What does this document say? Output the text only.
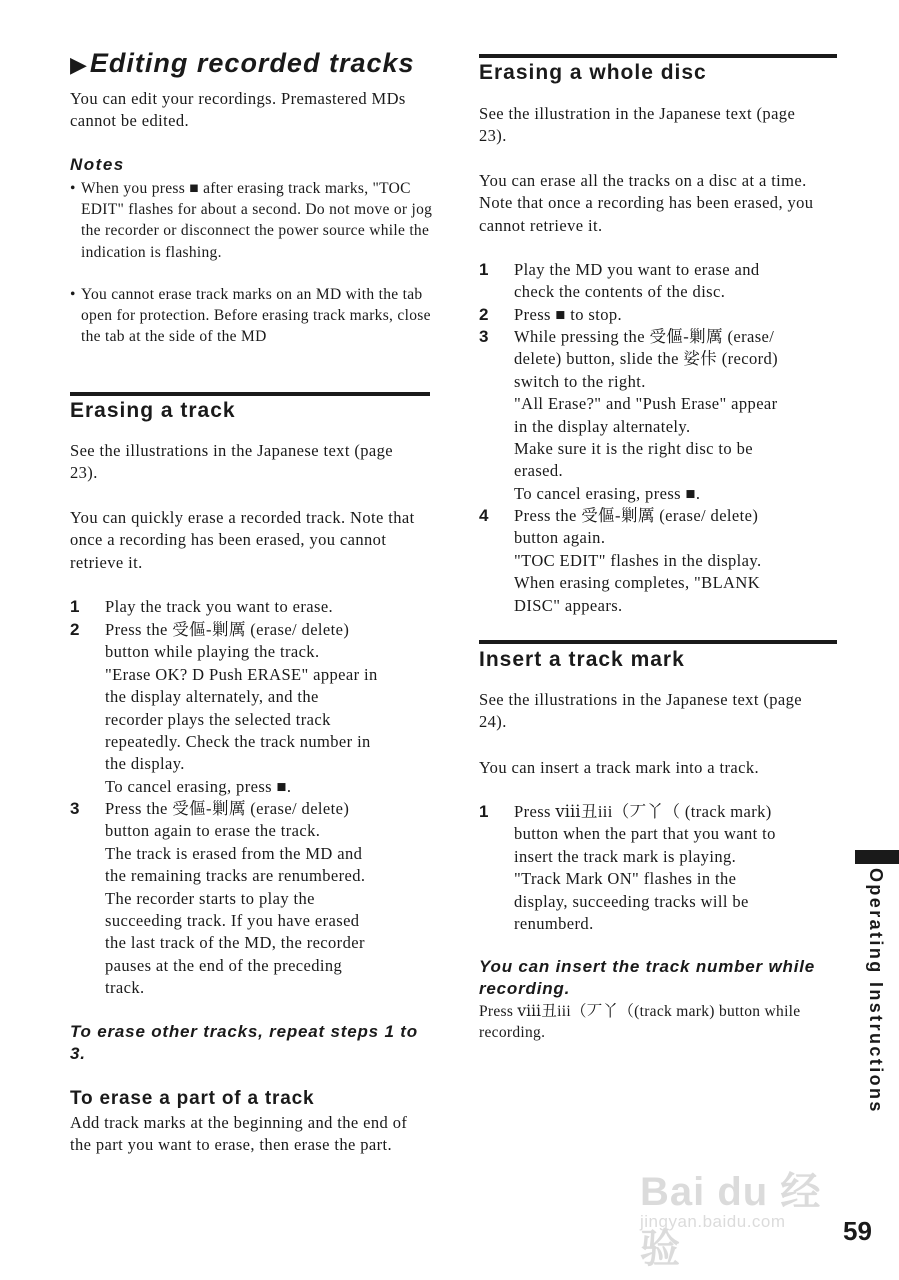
▶Editing recorded tracks

You can edit your recordings. Premastered MDs cannot be edited.

Notes

• When you press ■ after erasing track marks, "TOC EDIT" flashes for about a second. Do not move or jog the recorder or disconnect the power source while the indication is flashing.

• You cannot erase track marks on an MD with the tab open for protection. Before erasing track marks, close the tab at the side of the MD

Erasing a track

See the illustrations in the Japanese text (page 23).

You can quickly erase a recorded track. Note that once a recording has been erased, you cannot retrieve it.

1 Play the track you want to erase.
2 Press the 受傴-剿厲 (erase/ delete)
button while playing the track.
"Erase OK? D Push ERASE" appear in
the display alternately, and the
recorder plays the selected track
repeatedly. Check the track number in
the display.
To cancel erasing, press ■.
3 Press the 受傴-剿厲 (erase/ delete)
button again to erase the track.
The track is erased from the MD and
the remaining tracks are renumbered.
The recorder starts to play the
succeeding track. If you have erased
the last track of the MD, the recorder
pauses at the end of the preceding
track.

To erase other tracks, repeat steps 1 to 3.

To erase a part of a track

Add track marks at the beginning and the end of the part you want to erase, then erase the part.

Erasing a whole disc

See the illustration in the Japanese text (page 23).

You can erase all the tracks on a disc at a time. Note that once a recording has been erased, you cannot retrieve it.

1 Play the MD you want to erase and
check the contents of the disc.
2 Press ■ to stop.
3 While pressing the 受傴-剿厲 (erase/
delete) button, slide the 娑佧 (record)
switch to the right.
"All Erase?" and "Push Erase" appear
in the display alternately.
Make sure it is the right disc to be
erased.
To cancel erasing, press ■.
4 Press the 受傴-剿厲 (erase/ delete)
button again.
"TOC EDIT" flashes in the display.
When erasing completes, "BLANK
DISC" appears.
Insert a track mark

See the illustrations in the Japanese text (page 24).

You can insert a track mark into a track.

1 Press ⅷ丑iii（丆丫（ (track mark)
button when the part that you want to
insert the track mark is playing.
"Track Mark ON" flashes in the
display, succeeding tracks will be
renumberd.

You can insert the track number while recording.

Press ⅷ丑iii（丆丫（(track mark) button while recording.	Operating Instructions
Bai du 经验
jingyan.baidu.com 59
